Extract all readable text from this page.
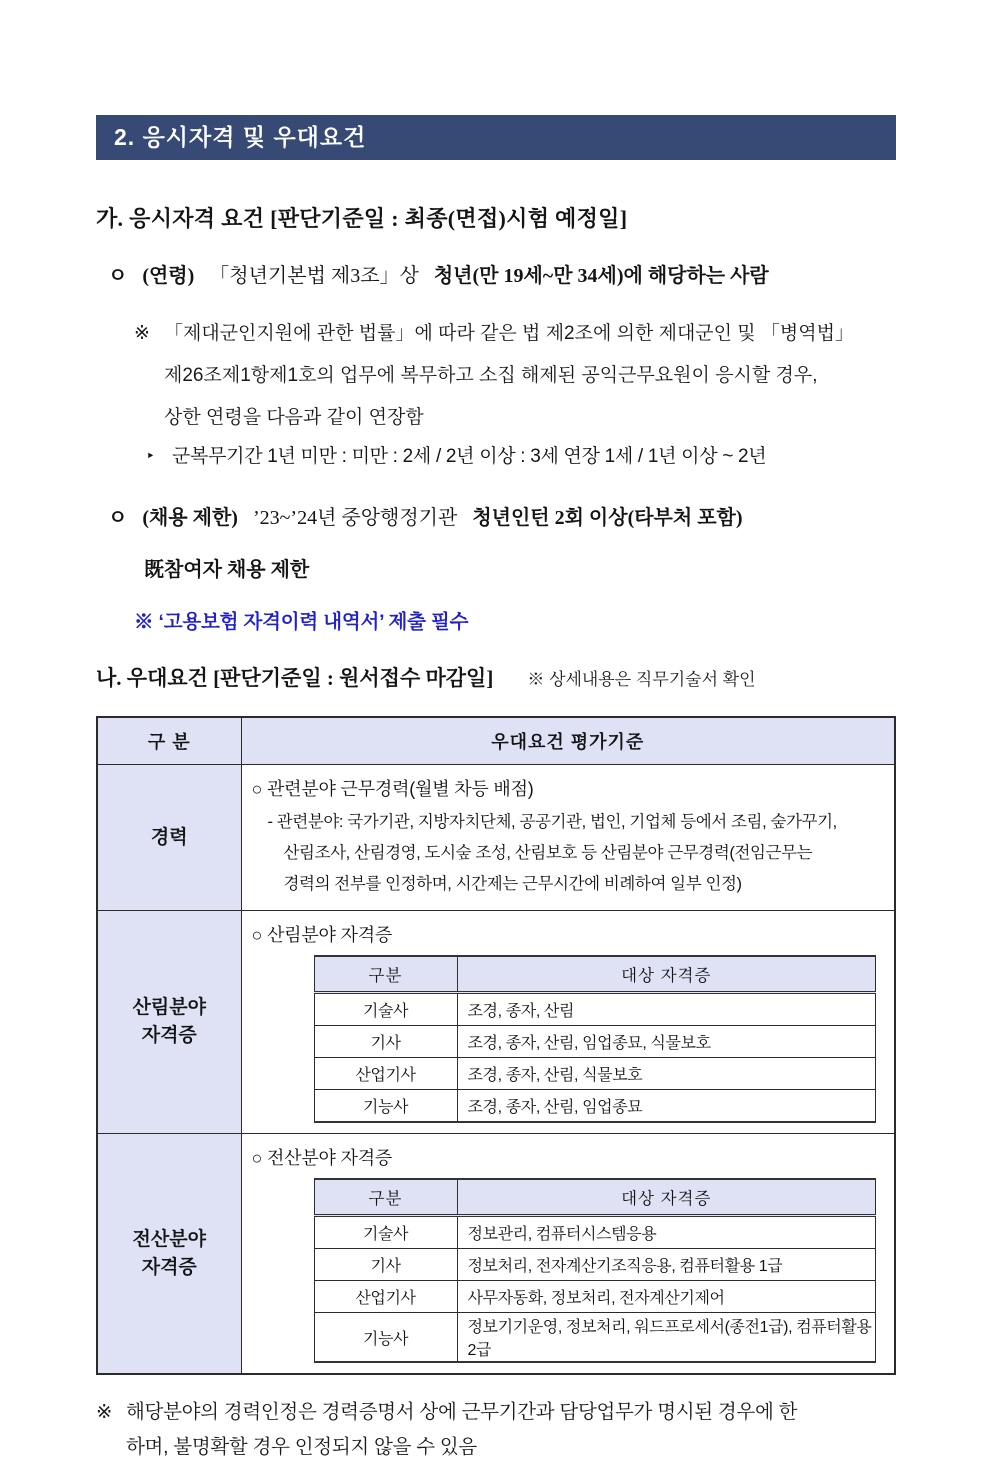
2. 응시자격 및 우대요건
가. 응시자격 요건 [판단기준일 : 최종(면접)시험 예정일]
ㅇ (연령) 「청년기본법 제3조」상 청년(만 19세~만 34세)에 해당하는 사람
※ 「제대군인지원에 관한 법률」에 따라 같은 법 제2조에 의한 제대군인 및 「병역법」
제26조제1항제1호의 업무에 복무하고 소집 해제된 공익근무요원이 응시할 경우,
상한 연령을 다음과 같이 연장함
‣ 군복무기간 1년 미만 : 미만 : 2세 / 2년 이상 : 3세 연장 1세 / 1년 이상 ~ 2년
ㅇ (채용 제한) ’23~’24년 중앙행정기관 청년인턴 2회 이상(타부처 포함)
既참여자 채용 제한
※ ‘고용보험 자격이력 내역서’ 제출 필수
나. 우대요건 [판단기준일 : 원서접수 마감일] ※ 상세내용은 직무기술서 확인
구 분	우대요건 평가기준
경력	
○ 관련분야 근무경력(월별 차등 배점)
- 관련분야: 국가기관, 지방자치단체, 공공기관, 법인, 기업체 등에서 조림, 숲가꾸기,
산림조사, 산림경영, 도시숲 조성, 산림보호 등 산림분야 근무경력(전임근무는
경력의 전부를 인정하며, 시간제는 근무시간에 비례하여 일부 인정)

산림분야
자격증

○ 산림분야 자격증
구분	대상 자격증
기술사	조경, 종자, 산림
기사	조경, 종자, 산림, 임업종묘, 식물보호
산업기사	조경, 종자, 산림, 식물보호
기능사	조경, 종자, 산림, 임업종묘

전산분야
자격증

○ 전산분야 자격증
구분	대상 자격증
기술사	정보관리, 컴퓨터시스템응용
기사	정보처리, 전자계산기조직응용, 컴퓨터활용 1급
산업기사	사무자동화, 정보처리, 전자계산기제어
기능사	정보기기운영, 정보처리, 워드프로세서(종전1급), 컴퓨터활용 2급
※ 해당분야의 경력인정은 경력증명서 상에 근무기간과 담당업무가 명시된 경우에 한
하며, 불명확할 경우 인정되지 않을 수 있음
